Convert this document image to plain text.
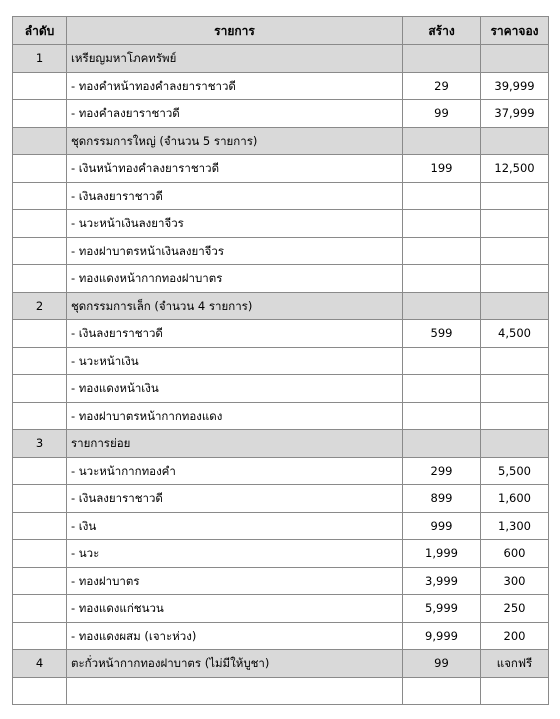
ลำดับ	รายการ	สร้าง	ราคาจอง
1	เหรียญมหาโภคทรัพย์		
	- ทองคำหน้าทองคำลงยาราชาวดี	29	39,999
	- ทองคำลงยาราชาวดี	99	37,999
	ชุดกรรมการใหญ่ (จำนวน 5 รายการ)		
	- เงินหน้าทองคำลงยาราชาวดี	199	12,500
	- เงินลงยาราชาวดี		
	- นวะหน้าเงินลงยาจีวร		
	- ทองฝาบาตรหน้าเงินลงยาจีวร		
	- ทองแดงหน้ากากทองฝาบาตร		
2	ชุดกรรมการเล็ก (จำนวน 4 รายการ)		
	- เงินลงยาราชาวดี	599	4,500
	- นวะหน้าเงิน		
	- ทองแดงหน้าเงิน		
	- ทองฝาบาตรหน้ากากทองแดง		
3	รายการย่อย		
	- นวะหน้ากากทองคำ	299	5,500
	- เงินลงยาราชาวดี	899	1,600
	- เงิน	999	1,300
	- นวะ	1,999	600
	- ทองฝาบาตร	3,999	300
	- ทองแดงแก่ชนวน	5,999	250
	- ทองแดงผสม (เจาะห่วง)	9,999	200
4	ตะกั่วหน้ากากทองฝาบาตร (ไม่มีให้บูชา)	99	แจกฟรี
